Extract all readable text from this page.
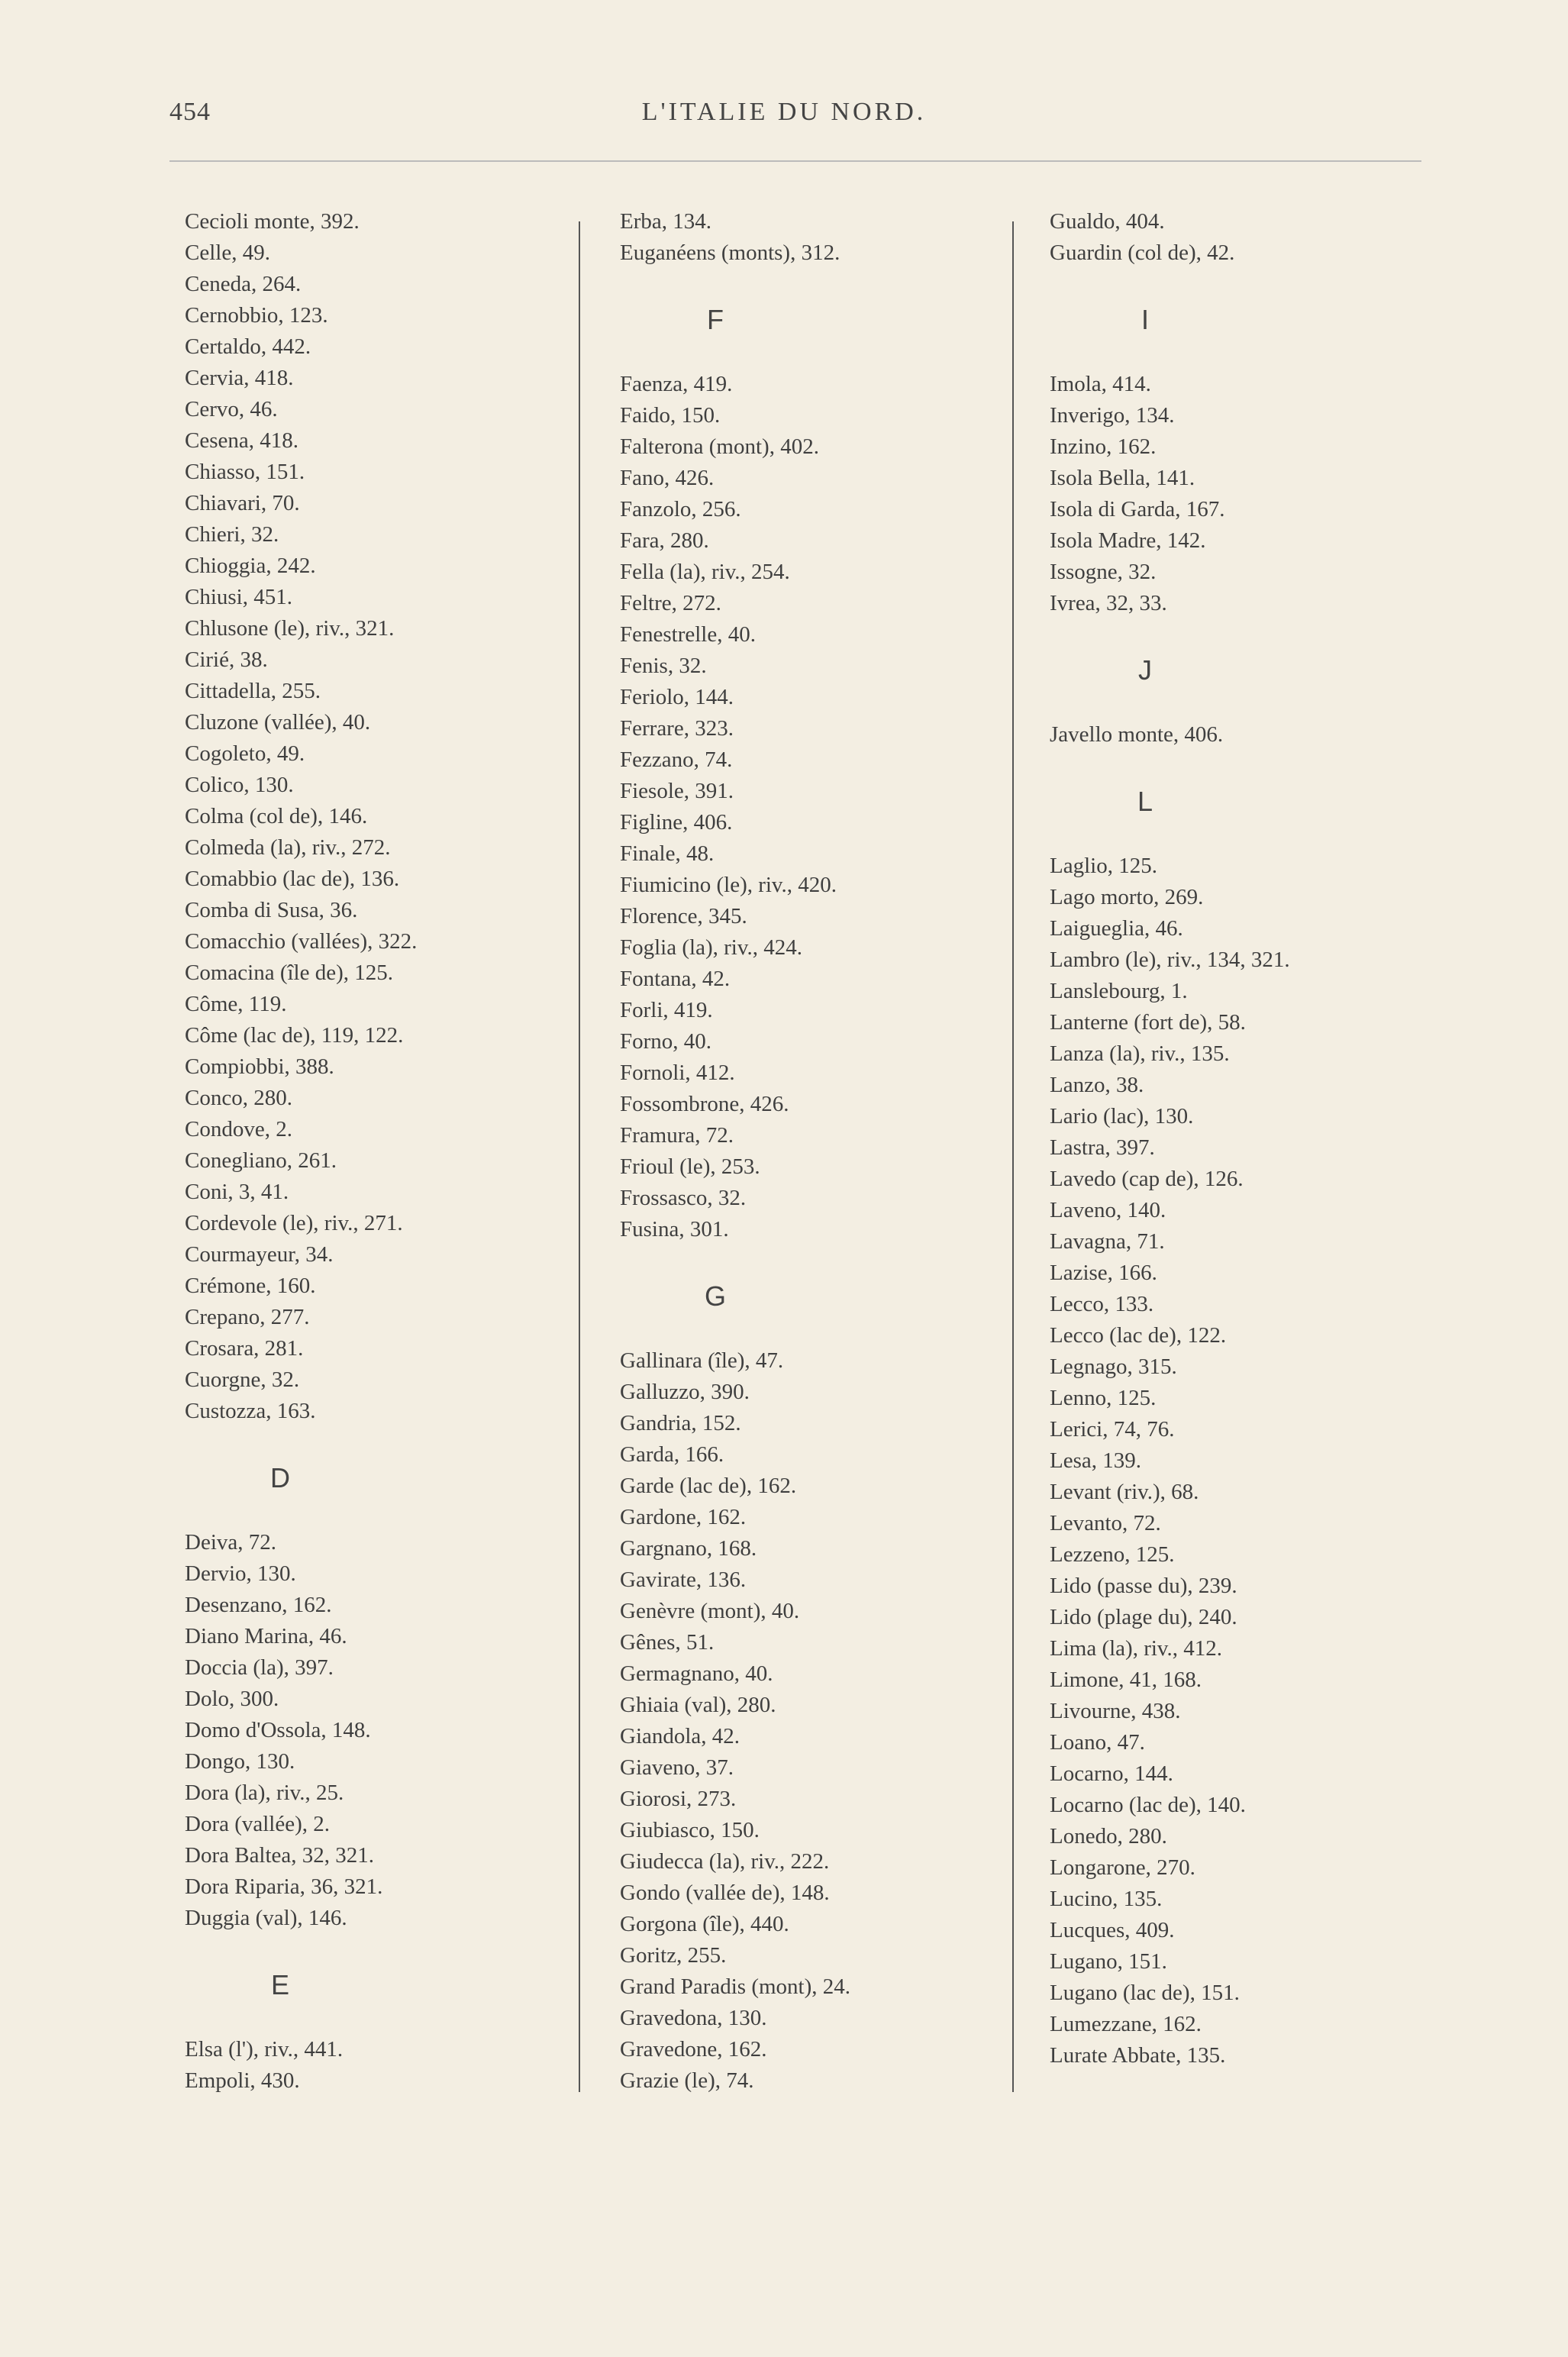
454	L'ITALIE DU NORD.
Cecioli monte, 392.
Celle, 49.
Ceneda, 264.
Cernobbio, 123.
Certaldo, 442.
Cervia, 418.
Cervo, 46.
Cesena, 418.
Chiasso, 151.
Chiavari, 70.
Chieri, 32.
Chioggia, 242.
Chiusi, 451.
Chlusone (le), riv., 321.
Cirié, 38.
Cittadella, 255.
Cluzone (vallée), 40.
Cogoleto, 49.
Colico, 130.
Colma (col de), 146.
Colmeda (la), riv., 272.
Comabbio (lac de), 136.
Comba di Susa, 36.
Comacchio (vallées), 322.
Comacina (île de), 125.
Côme, 119.
Côme (lac de), 119, 122.
Compiobbi, 388.
Conco, 280.
Condove, 2.
Conegliano, 261.
Coni, 3, 41.
Cordevole (le), riv., 271.
Courmayeur, 34.
Crémone, 160.
Crepano, 277.
Crosara, 281.
Cuorgne, 32.
Custozza, 163.
D
Deiva, 72.
Dervio, 130.
Desenzano, 162.
Diano Marina, 46.
Doccia (la), 397.
Dolo, 300.
Domo d'Ossola, 148.
Dongo, 130.
Dora (la), riv., 25.
Dora (vallée), 2.
Dora Baltea, 32, 321.
Dora Riparia, 36, 321.
Duggia (val), 146.
E
Elsa (l'), riv., 441.
Empoli, 430.
Erba, 134.
Euganéens (monts), 312.
F
Faenza, 419.
Faido, 150.
Falterona (mont), 402.
Fano, 426.
Fanzolo, 256.
Fara, 280.
Fella (la), riv., 254.
Feltre, 272.
Fenestrelle, 40.
Fenis, 32.
Feriolo, 144.
Ferrare, 323.
Fezzano, 74.
Fiesole, 391.
Figline, 406.
Finale, 48.
Fiumicino (le), riv., 420.
Florence, 345.
Foglia (la), riv., 424.
Fontana, 42.
Forli, 419.
Forno, 40.
Fornoli, 412.
Fossombrone, 426.
Framura, 72.
Frioul (le), 253.
Frossasco, 32.
Fusina, 301.
G
Gallinara (île), 47.
Galluzzo, 390.
Gandria, 152.
Garda, 166.
Garde (lac de), 162.
Gardone, 162.
Gargnano, 168.
Gavirate, 136.
Genèvre (mont), 40.
Gênes, 51.
Germagnano, 40.
Ghiaia (val), 280.
Giandola, 42.
Giaveno, 37.
Giorosi, 273.
Giubiasco, 150.
Giudecca (la), riv., 222.
Gondo (vallée de), 148.
Gorgona (île), 440.
Goritz, 255.
Grand Paradis (mont), 24.
Gravedona, 130.
Gravedone, 162.
Grazie (le), 74.
Gualdo, 404.
Guardin (col de), 42.
I
Imola, 414.
Inverigo, 134.
Inzino, 162.
Isola Bella, 141.
Isola di Garda, 167.
Isola Madre, 142.
Issogne, 32.
Ivrea, 32, 33.
J
Javello monte, 406.
L
Laglio, 125.
Lago morto, 269.
Laigueglia, 46.
Lambro (le), riv., 134, 321.
Lanslebourg, 1.
Lanterne (fort de), 58.
Lanza (la), riv., 135.
Lanzo, 38.
Lario (lac), 130.
Lastra, 397.
Lavedo (cap de), 126.
Laveno, 140.
Lavagna, 71.
Lazise, 166.
Lecco, 133.
Lecco (lac de), 122.
Legnago, 315.
Lenno, 125.
Lerici, 74, 76.
Lesa, 139.
Levant (riv.), 68.
Levanto, 72.
Lezzeno, 125.
Lido (passe du), 239.
Lido (plage du), 240.
Lima (la), riv., 412.
Limone, 41, 168.
Livourne, 438.
Loano, 47.
Locarno, 144.
Locarno (lac de), 140.
Lonedo, 280.
Longarone, 270.
Lucino, 135.
Lucques, 409.
Lugano, 151.
Lugano (lac de), 151.
Lumezzane, 162.
Lurate Abbate, 135.
